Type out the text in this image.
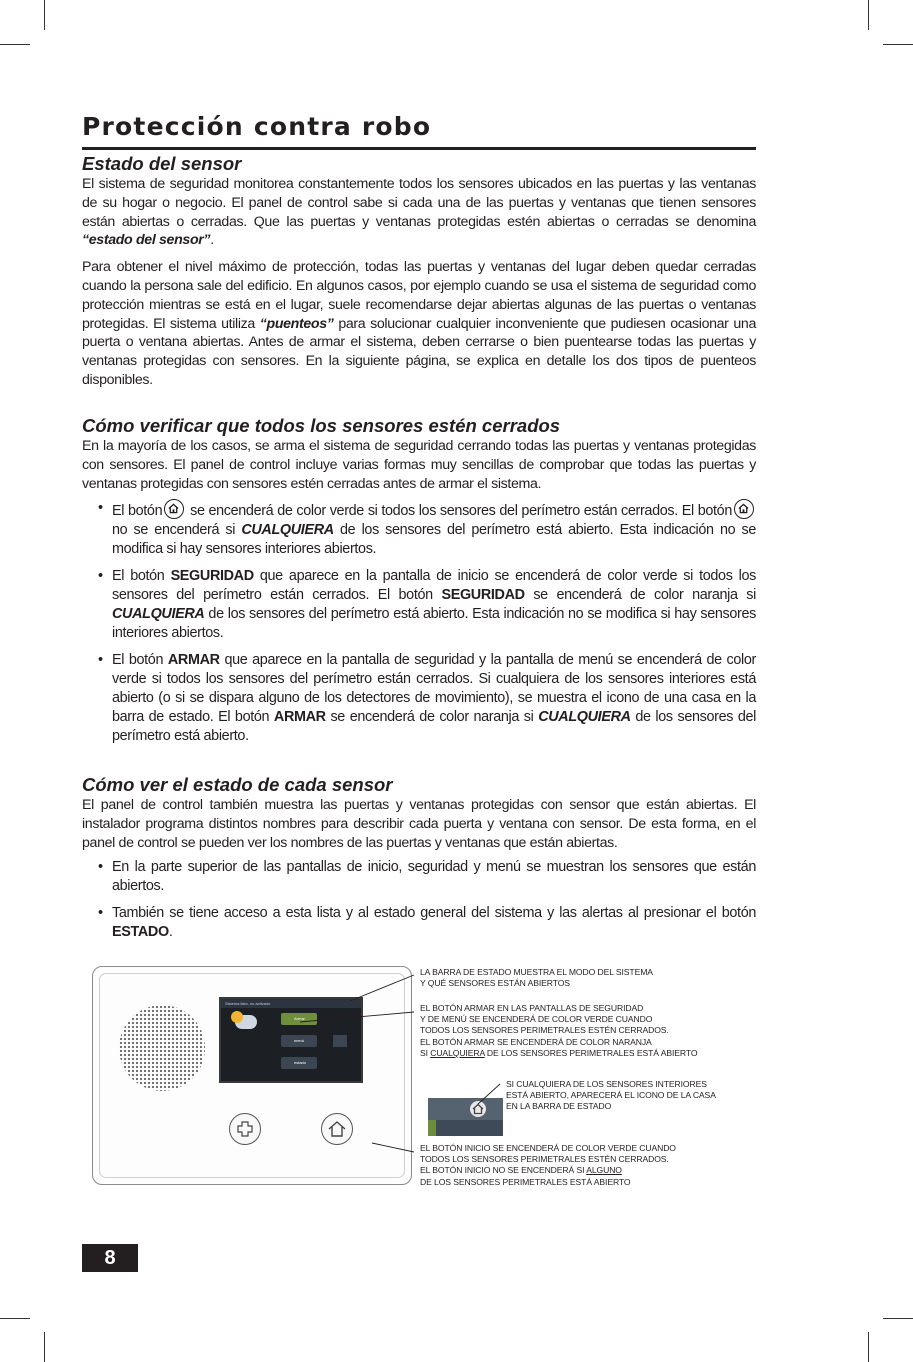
Protección contra robo
Estado del sensor

El sistema de seguridad monitorea constantemente todos los sensores ubicados en las puertas y las ventanas de su hogar o negocio. El panel de control sabe si cada una de las puertas y ventanas que tienen sensores están abiertas o cerradas. Que las puertas y ventanas protegidas estén abiertas o cerradas se denomina “estado del sensor”.

Para obtener el nivel máximo de protección, todas las puertas y ventanas del lugar deben quedar cerradas cuando la persona sale del edificio. En algunos casos, por ejemplo cuando se usa el sistema de seguridad como protección mientras se está en el lugar, suele recomendarse dejar abiertas algunas de las puertas o ventanas protegidas. El sistema utiliza “puenteos” para solucionar cualquier inconveniente que pudiesen ocasionar una puerta o ventana abiertas. Antes de armar el sistema, deben cerrarse o bien puentearse todas las puertas y ventanas protegidas con sensores. En la siguiente página, se explica en detalle los dos tipos de puenteos disponibles.

Cómo verificar que todos los sensores estén cerrados

En la mayoría de los casos, se arma el sistema de seguridad cerrando todas las puertas y ventanas protegidas con sensores. El panel de control incluye varias formas muy sencillas de comprobar que todas las puertas y ventanas protegidas con sensores estén cerradas antes de armar el sistema.

• El botón
se encenderá de color verde si todos los sensores del perímetro están cerrados. El botón
no se encenderá si CUALQUIERA de los sensores del perímetro está abierto. Esta indicación no se modifica si hay sensores interiores abiertos.
• El botón SEGURIDAD que aparece en la pantalla de inicio se encenderá de color verde si todos los sensores del perímetro están cerrados. El botón SEGURIDAD se encenderá de color naranja si CUALQUIERA de los sensores del perímetro está abierto. Esta indicación no se modifica si hay sensores interiores abiertos.
• El botón ARMAR que aparece en la pantalla de seguridad y la pantalla de menú se encenderá de color verde si todos los sensores del perímetro están cerrados. Si cualquiera de los sensores interiores está abierto (o si se dispara alguno de los detectores de movimiento), se muestra el icono de una casa en la barra de estado. El botón ARMAR se encenderá de color naranja si CUALQUIERA de los sensores del perímetro está abierto.
Cómo ver el estado de cada sensor

El panel de control también muestra las puertas y ventanas protegidas con sensor que están abiertas. El instalador programa distintos nombres para describir cada puerta y ventana con sensor. De esta forma, en el panel de control se pueden ver los nombres de las puertas y ventanas que están abiertas.

• En la parte superior de las pantallas de inicio, seguridad y menú se muestran los sensores que están abiertos.
• También se tiene acceso a esta lista y al estado general del sistema y las alertas al presionar el botón ESTADO.
Sistema listo, no activado
Armar
menú
estado
LA BARRA DE ESTADO MUESTRA EL MODO DEL SISTEMA
Y QUÉ SENSORES ESTÁN ABIERTOS
EL BOTÓN ARMAR EN LAS PANTALLAS DE SEGURIDAD
Y DE MENÚ SE ENCENDERÁ DE COLOR VERDE CUANDO
TODOS LOS SENSORES PERIMETRALES ESTÉN CERRADOS.
EL BOTÓN ARMAR SE ENCENDERÁ DE COLOR NARANJA
SI CUALQUIERA DE LOS SENSORES PERIMETRALES ESTÁ ABIERTO
SI CUALQUIERA DE LOS SENSORES INTERIORES
ESTÁ ABIERTO, APARECERÁ EL ICONO DE LA CASA
EN LA BARRA DE ESTADO
EL BOTÓN INICIO SE ENCENDERÁ DE COLOR VERDE CUANDO
TODOS LOS SENSORES PERIMETRALES ESTÉN CERRADOS.
EL BOTÓN INICIO NO SE ENCENDERÁ SI ALGUNO
DE LOS SENSORES PERIMETRALES ESTÁ ABIERTO
8
